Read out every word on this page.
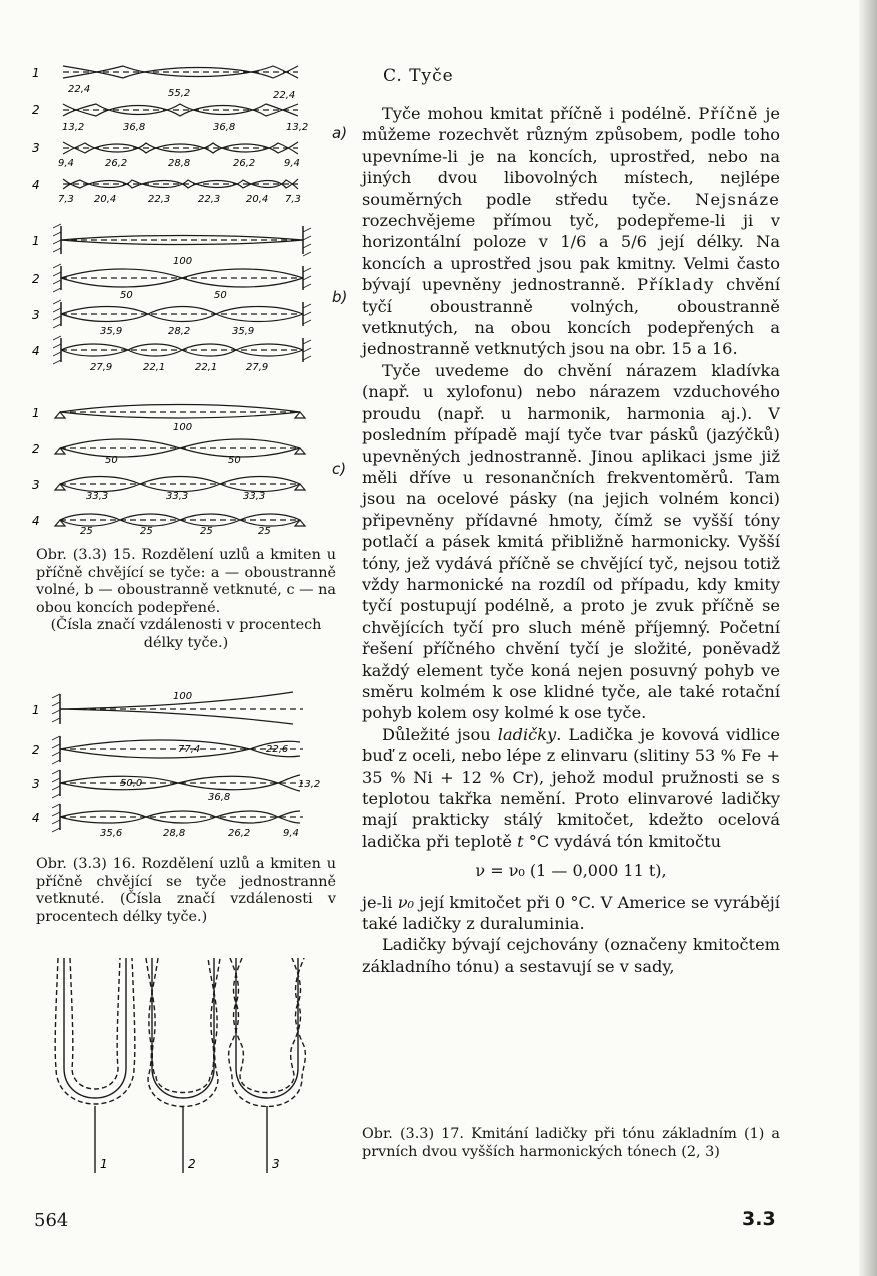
1
2
3
4
1
2
3
4
1
2
3
4
22,4	55,2	22,4
13,2	36,8	36,8	13,2
9,4	26,2	28,8	26,2	9,4
7,3 20,4	22,3	22,3	20,4 7,3
100
50	50
35,9	28,2	35,9
27,9	22,1	22,1	27,9
100
50	50
33,3	33,3	33,3
25	25	25	25
a)
b)
c)
Obr. (3.3) 15. Rozdělení uzlů a kmiten u příčně chvějící se tyče: a — oboustranně volné, b — oboustranně vetknuté, c — na obou koncích podepřené.
(Čísla značí vzdálenosti v procentech délky tyče.)
1
2
3
4
100
77,4	22,6
50,0
36,8
13,2
35,6	28,8	26,2	9,4
Obr. (3.3) 16. Rozdělení uzlů a kmiten u příčně chvějící se tyče jednostranně vetknuté. (Čísla značí vzdálenosti v procentech délky tyče.)
1	2	3
C. Tyče

Tyče mohou kmitat příčně i podélně. Příčně je můžeme rozechvět různým způsobem, podle toho upevníme-li je na koncích, uprostřed, nebo na jiných dvou libovolných místech, nejlépe souměrných podle středu tyče. Nejsnáze rozechvějeme přímou tyč, podepřeme-li ji v horizontální poloze v 1/6 a 5/6 její délky. Na koncích a uprostřed jsou pak kmitny. Velmi často bývají upevněny jednostranně. Příklady chvění tyčí oboustranně volných, oboustranně vetknutých, na obou koncích podepřených a jednostranně vetknutých jsou na obr. 15 a 16.

Tyče uvedeme do chvění nárazem kladívka (např. u xylofonu) nebo nárazem vzduchového proudu (např. u harmonik, harmonia aj.). V posledním případě mají tyče tvar pásků (jazýčků) upevněných jednostranně. Jinou aplikaci jsme již měli dříve u resonančních frekventoměrů. Tam jsou na ocelové pásky (na jejich volném konci) připevněny přídavné hmoty, čímž se vyšší tóny potlačí a pásek kmitá přibližně harmonicky. Vyšší tóny, jež vydává příčně se chvějící tyč, nejsou totiž vždy harmonické na rozdíl od případu, kdy kmity tyčí postupují podélně, a proto je zvuk příčně se chvějících tyčí pro sluch méně příjemný. Početní řešení příčného chvění tyčí je složité, poněvadž každý element tyče koná nejen posuvný pohyb ve směru kolmém k ose klidné tyče, ale také rotační pohyb kolem osy kolmé k ose tyče.

Důležité jsou ladičky. Ladička je kovová vidlice buď z oceli, nebo lépe z elinvaru (slitiny 53 % Fe + 35 % Ni + 12 % Cr), jehož modul pružnosti se s teplotou takřka nemění. Proto elinvarové ladičky mají prakticky stálý kmitočet, kdežto ocelová ladička při teplotě t °C vydává tón kmitočtu

ν = ν₀ (1 — 0,000 11 t),

je-li ν₀ její kmitočet při 0 °C. V Americe se vyrábějí také ladičky z duraluminia.

Ladičky bývají cejchovány (označeny kmitočtem základního tónu) a sestavují se v sady,

Obr. (3.3) 17. Kmitání ladičky při tónu základním (1) a prvních dvou vyšších harmonických tónech (2, 3)
564	3.3
